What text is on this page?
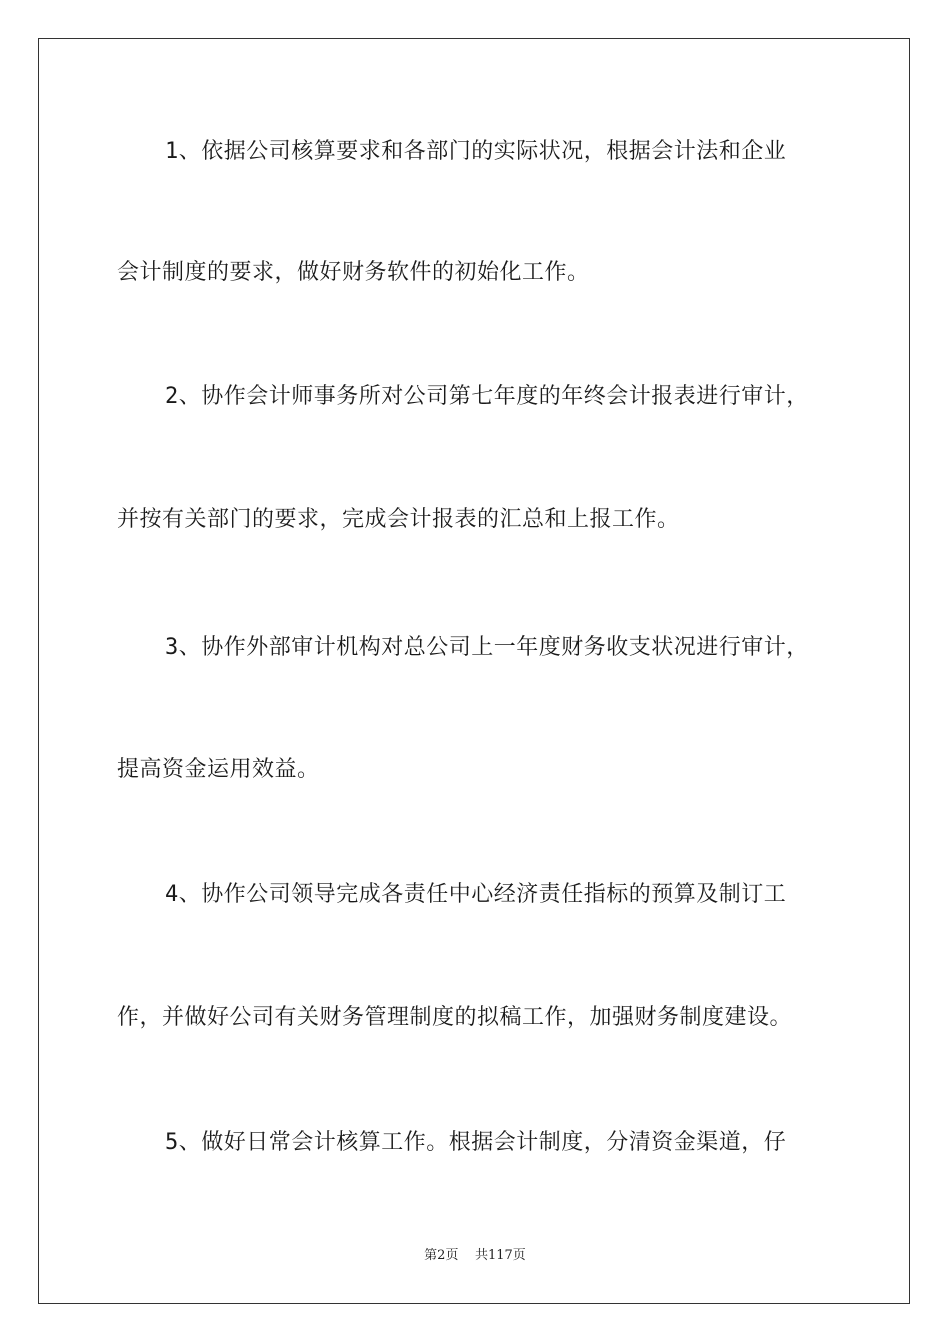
1、依据公司核算要求和各部门的实际状况，根据会计法和企业
会计制度的要求，做好财务软件的初始化工作。
2、协作会计师事务所对公司第七年度的年终会计报表进行审计，
并按有关部门的要求，完成会计报表的汇总和上报工作。
3、协作外部审计机构对总公司上一年度财务收支状况进行审计，
提高资金运用效益。
4、协作公司领导完成各责任中心经济责任指标的预算及制订工
作，并做好公司有关财务管理制度的拟稿工作，加强财务制度建设。
5、做好日常会计核算工作。根据会计制度，分清资金渠道，仔
第2页 共117页
